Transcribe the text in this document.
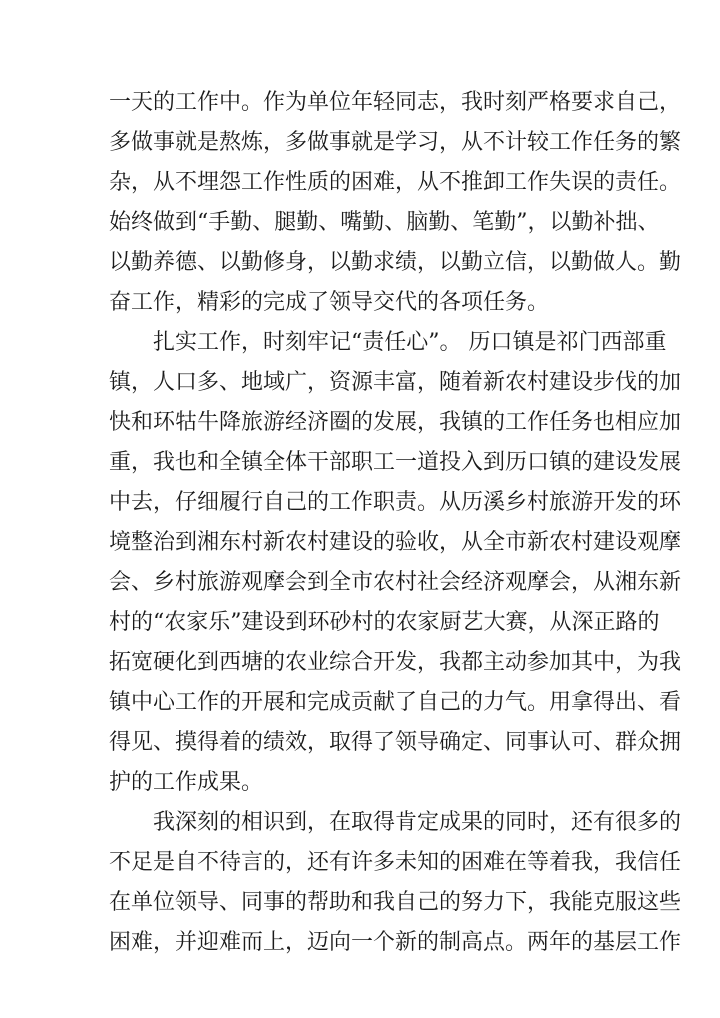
一天的工作中。作为单位年轻同志，我时刻严格要求自己，
多做事就是熬炼，多做事就是学习，从不计较工作任务的繁
杂，从不埋怨工作性质的困难，从不推卸工作失误的责任。
始终做到“手勤、腿勤、嘴勤、脑勤、笔勤”，以勤补拙、
以勤养德、以勤修身，以勤求绩，以勤立信，以勤做人。勤
奋工作，精彩的完成了领导交代的各项任务。
扎实工作，时刻牢记“责任心”。 历口镇是祁门西部重
镇，人口多、地域广，资源丰富，随着新农村建设步伐的加
快和环牯牛降旅游经济圈的发展，我镇的工作任务也相应加
重，我也和全镇全体干部职工一道投入到历口镇的建设发展
中去，仔细履行自己的工作职责。从历溪乡村旅游开发的环
境整治到湘东村新农村建设的验收，从全市新农村建设观摩
会、乡村旅游观摩会到全市农村社会经济观摩会，从湘东新
村的“农家乐”建设到环砂村的农家厨艺大赛，从深正路的
拓宽硬化到西塘的农业综合开发，我都主动参加其中，为我
镇中心工作的开展和完成贡献了自己的力气。用拿得出、看
得见、摸得着的绩效，取得了领导确定、同事认可、群众拥
护的工作成果。
我深刻的相识到，在取得肯定成果的同时，还有很多的
不足是自不待言的，还有许多未知的困难在等着我，我信任
在单位领导、同事的帮助和我自己的努力下，我能克服这些
困难，并迎难而上，迈向一个新的制高点。两年的基层工作
